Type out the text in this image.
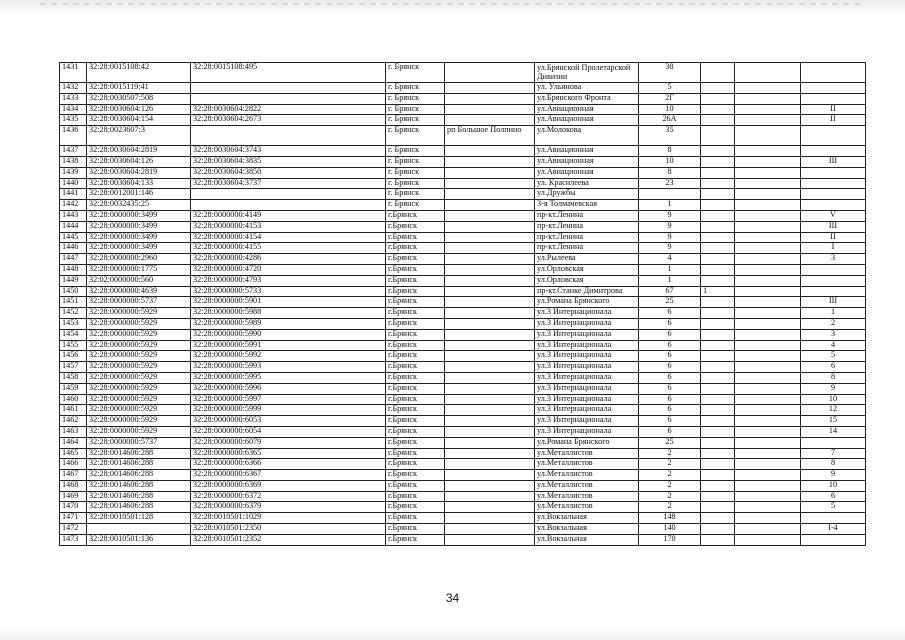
1431	32:28:0015108:42	32:28:0015108:495	г. Брянск		ул.Брянской Пролетарской Дивизии	38			
1432	32:28:0015119:41		г. Брянск		ул. Ульянова	5			
1433	32:28:0030507:508		г. Брянск		ул.Брянского Фронта	2Г			
1434	32:28:0030604:126	32:28:0030604:2822	г. Брянск		ул.Авиационная	10			II
1435	32:28:0030604:154	32:28:0030604:2673	г. Брянск		ул.Авиационная	26А			II
1436	32:28:0023607:3		г. Брянск	рп Большое Полпино	ул.Молокова	35			
1437	32:28:0030604:2819	32:28:0030604:3743	г. Брянск		ул.Авиационная	8			
1438	32:28:0030604:126	32:28:0030604:3835	г. Брянск		ул.Авиационная	10			III
1439	32:28:0030604:2819	32:28:0030604:3850	г. Брянск		ул.Авиационная	8			
1440	32:28:0030604:133	32:28:0030604:3737	г. Брянск		ул. Красилеева	23			
1441	32:28:0012001:146		г. Брянск		ул.Дружбы				
1442	32:28:0032435:25		г. Брянск		3-я Толмачевская	1			
1443	32:28:0000000:3499	32:28:0000000:4149	г.Брянск		пр-кт.Ленина	9			V
1444	32:28:0000000:3499	32:28:0000000:4153	г.Брянск		пр-кт.Ленина	9			III
1445	32:28:0000000:3499	32:28:0000000:4154	г.Брянск		пр-кт.Ленина	9			II
1446	32:28:0000000:3499	32:28:0000000:4155	г.Брянск		пр-кт.Ленина	9			I
1447	32:28:0000000:2960	32:28:0000000:4286	г.Брянск		ул.Рылеева	4			3
1448	32:28:0000000:1775	32:28:0000000:4720	г.Брянск		ул.Орловская	1			
1449	32:02:0000000:560	32:28:0000000:4793	г.Брянск		ул.Орловская	1			
1450	32:28:0000000:4639	32:28:0000000:5733	г.Брянск		пр-кт.Станке Димитрова	67	1		
1451	32:28:0000000:5737	32:28:0000000:5901	г.Брянск		ул.Романа Брянского	25			III
1452	32:28:0000000:5929	32:28:0000000:5988	г.Брянск		ул.3 Интернационала	6			1
1453	32:28:0000000:5929	32:28:0000000:5989	г.Брянск		ул.3 Интернационала	6			2
1454	32:28:0000000:5929	32:28:0000000:5990	г.Брянск		ул.3 Интернационала	6			3
1455	32:28:0000000:5929	32:28:0000000:5991	г.Брянск		ул.3 Интернационала	6			4
1456	32:28:0000000:5929	32:28:0000000:5992	г.Брянск		ул.3 Интернационала	6			5
1457	32:28:0000000:5929	32:28:0000000:5993	г.Брянск		ул.3 Интернационала	6			6
1458	32:28:0000000:5929	32:28:0000000:5995	г.Брянск		ул.3 Интернационала	6			8
1459	32:28:0000000:5929	32:28:0000000:5996	г.Брянск		ул.3 Интернационала	6			9
1460	32:28:0000000:5929	32:28:0000000:5997	г.Брянск		ул.3 Интернационала	6			10
1461	32:28:0000000:5929	32:28:0000000:5999	г.Брянск		ул.3 Интернационала	6			12
1462	32:28:0000000:5929	32:28:0000000:6053	г.Брянск		ул.3 Интернационала	6			15
1463	32:28:0000000:5929	32:28:0000000:6054	г.Брянск		ул.3 Интернационала	6			14
1464	32:28:0000000:5737	32:28:0000000:6079	г.Брянск		ул.Романа Брянского	25			
1465	32:28:0014606:288	32:28:0000000:6365	г.Брянск		ул.Металлистов	2			7
1466	32:28:0014606:288	32:28:0000000:6366	г.Брянск		ул.Металлистов	2			8
1467	32:28:0014606:288	32:28:0000000:6367	г.Брянск		ул.Металлистов	2			9
1468	32:28:0014606:288	32:28:0000000:6369	г.Брянск		ул.Металлистов	2			10
1469	32:28:0014606:288	32:28:0000000:6372	г.Брянск		ул.Металлистов	2			6
1470	32:28:0014606:288	32:28:0000000:6379	г.Брянск		ул.Металлистов	2			5
1471	32:28:0010501:128	32:28:0010501:1029	г.Брянск		ул.Вокзальная	148			
1472		32:28:0010501:2350	г.Брянск		ул.Вокзальная	140			I-4
1473	32:28:0010501:136	32:28:0010501:2352	г.Брянск		ул.Вокзальная	170			
34
